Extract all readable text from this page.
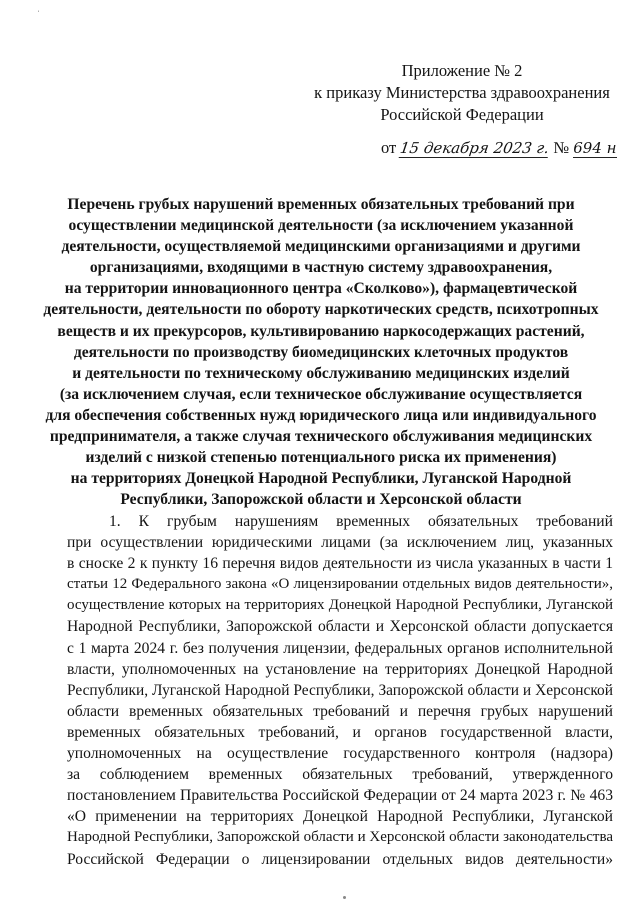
ˈ
Приложение № 2
к приказу Министерства здравоохранения
Российской Федерации
от 15 декабря 2023 г. № 694 н
Перечень грубых нарушений временных обязательных требований при
осуществлении медицинской деятельности (за исключением указанной
деятельности, осуществляемой медицинскими организациями и другими
организациями, входящими в частную систему здравоохранения,
на территории инновационного центра «Сколково»), фармацевтической
деятельности, деятельности по обороту наркотических средств, психотропных
веществ и их прекурсоров, культивированию наркосодержащих растений,
деятельности по производству биомедицинских клеточных продуктов
и деятельности по техническому обслуживанию медицинских изделий
(за исключением случая, если техническое обслуживание осуществляется
для обеспечения собственных нужд юридического лица или индивидуального
предпринимателя, а также случая технического обслуживания медицинских
изделий с низкой степенью потенциального риска их применения)
на территориях Донецкой Народной Республики, Луганской Народной
Республики, Запорожской области и Херсонской области
1. К грубым нарушениям временных обязательных требований
при осуществлении юридическими лицами (за исключением лиц, указанных
в сноске 2 к пункту 16 перечня видов деятельности из числа указанных в части 1
статьи 12 Федерального закона «О лицензировании отдельных видов деятельности»,
осуществление которых на территориях Донецкой Народной Республики, Луганской
Народной Республики, Запорожской области и Херсонской области допускается
с 1 марта 2024 г. без получения лицензии, федеральных органов исполнительной
власти, уполномоченных на установление на территориях Донецкой Народной
Республики, Луганской Народной Республики, Запорожской области и Херсонской
области временных обязательных требований и перечня грубых нарушений
временных обязательных требований, и органов государственной власти,
уполномоченных на осуществление государственного контроля (надзора)
за соблюдением временных обязательных требований, утвержденного
постановлением Правительства Российской Федерации от 24 марта 2023 г. № 463
«О применении на территориях Донецкой Народной Республики, Луганской
Народной Республики, Запорожской области и Херсонской области законодательства
Российской Федерации о лицензировании отдельных видов деятельности»
